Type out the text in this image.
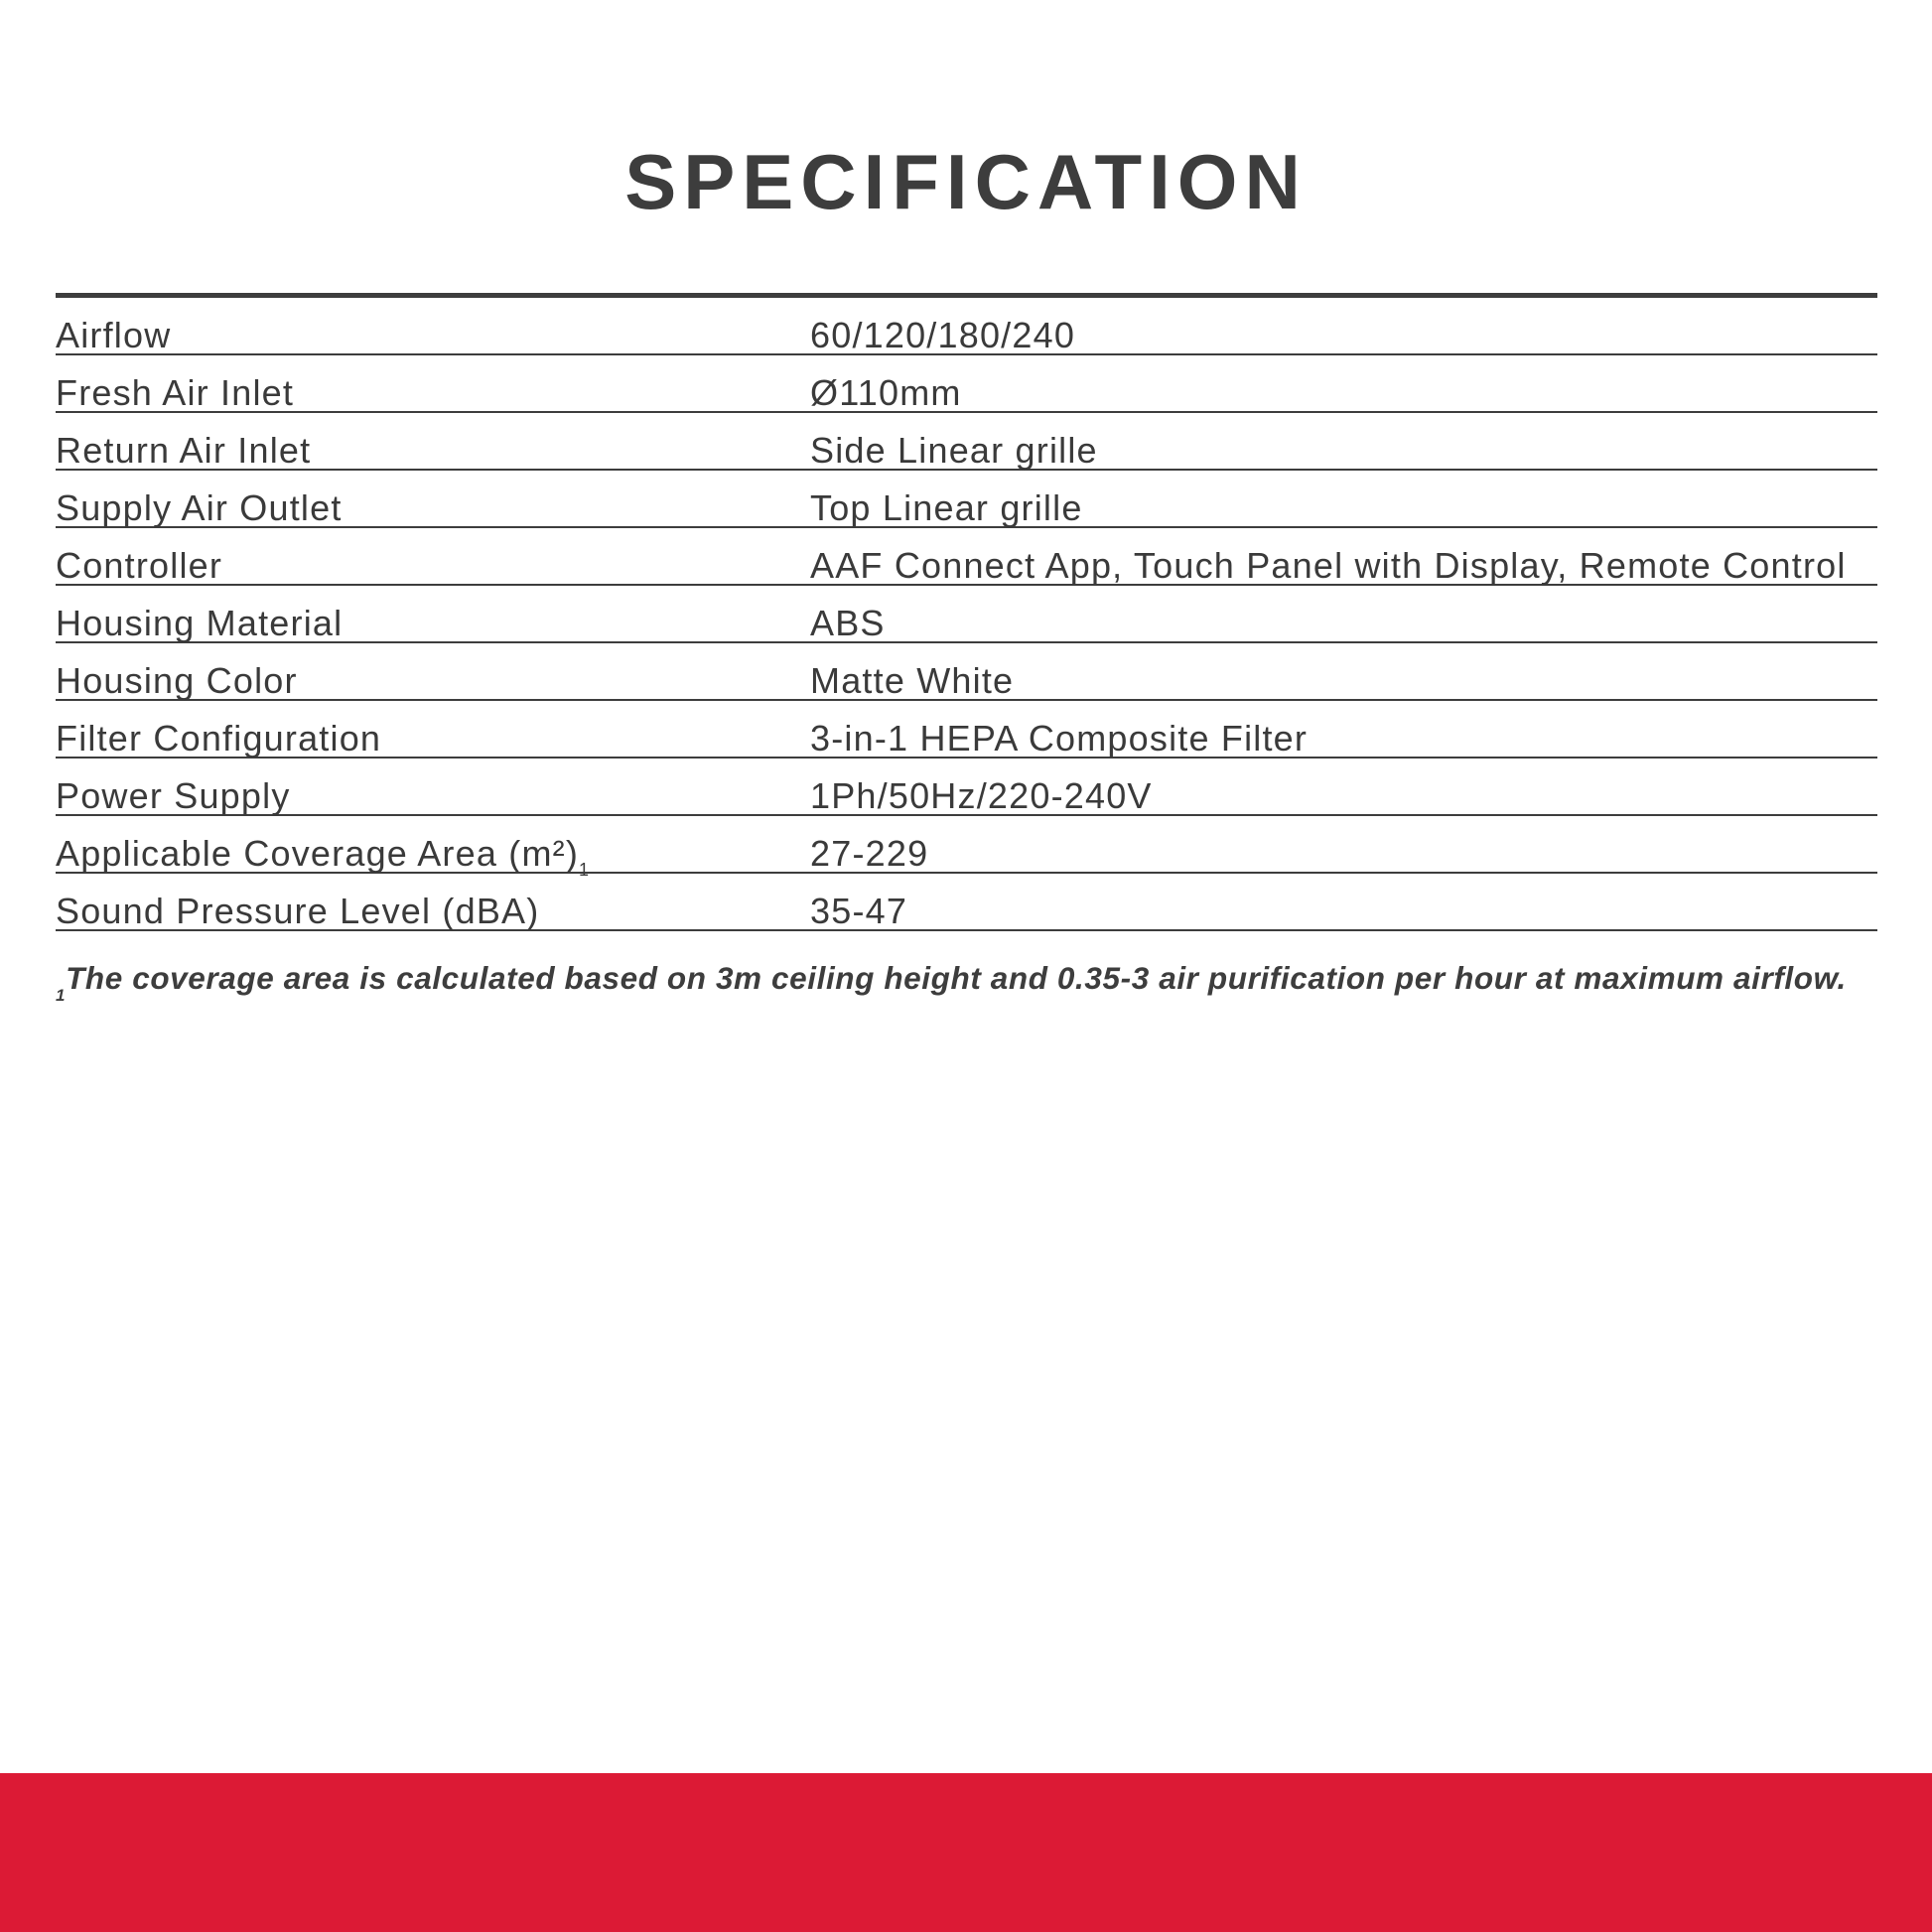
SPECIFICATION
Airflow	60/120/180/240
Fresh Air Inlet	Ø110mm
Return Air Inlet	Side Linear grille
Supply Air Outlet	Top Linear grille
Controller	AAF Connect App, Touch Panel with Display, Remote Control
Housing Material	ABS
Housing Color	Matte White
Filter Configuration	3-in-1 HEPA Composite Filter
Power Supply	1Ph/50Hz/220-240V
Applicable Coverage Area $(m^2)_1$	27-229
Sound Pressure Level (dBA)	35-47
$_1$The coverage area is calculated based on 3m ceiling height and 0.35-3 air purification per hour at maximum airflow.
